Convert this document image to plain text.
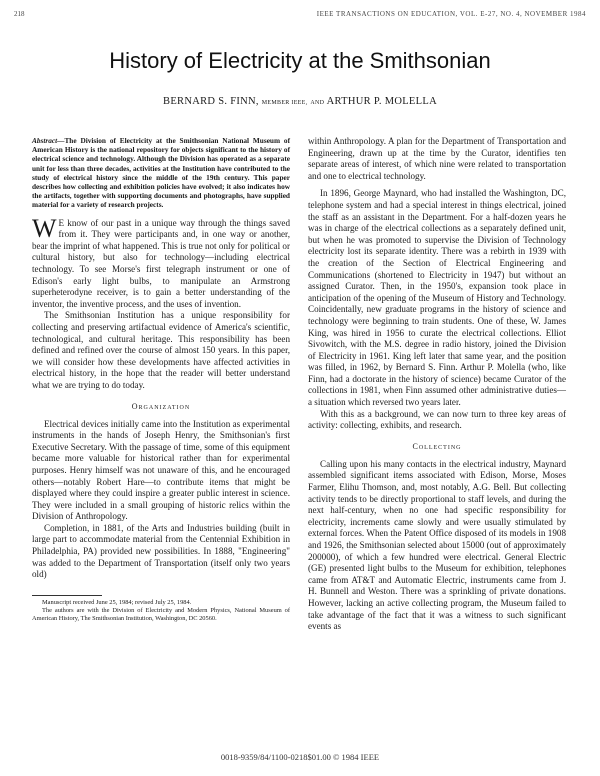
218	IEEE TRANSACTIONS ON EDUCATION, VOL. E-27, NO. 4, NOVEMBER 1984
History of Electricity at the Smithsonian
BERNARD S. FINN, MEMBER IEEE, AND ARTHUR P. MOLELLA
Abstract—The Division of Electricity at the Smithsonian National Museum of American History is the national repository for objects significant to the history of electrical science and technology. Although the Division has operated as a separate unit for less than three decades, activities at the Institution have contributed to the study of electrical history since the middle of the 19th century. This paper describes how collecting and exhibition policies have evolved; it also indicates how the artifacts, together with supporting documents and photographs, have supplied material for a variety of research projects.

WE know of our past in a unique way through the things saved from it. They were participants and, in one way or another, bear the imprint of what happened. This is true not only for political or cultural history, but also for technology—including electrical technology. To see Morse's first telegraph instrument or one of Edison's early light bulbs, to manipulate an Armstrong superheterodyne receiver, is to gain a better understanding of the inventor, the inventive process, and the uses of invention.

The Smithsonian Institution has a unique responsibility for collecting and preserving artifactual evidence of America's scientific, technological, and cultural heritage. This responsibility has been defined and refined over the course of almost 150 years. In this paper, we will consider how these developments have affected activities in electrical history, in the hope that the reader will better understand what we are trying to do today.

Organization

Electrical devices initially came into the Institution as experimental instruments in the hands of Joseph Henry, the Smithsonian's first Executive Secretary. With the passage of time, some of this equipment became more valuable for historical rather than for experimental purposes. Henry himself was not unaware of this, and he encouraged others—notably Robert Hare—to contribute items that might be displayed where they could inspire a greater public interest in science. They were included in a small grouping of historic relics within the Division of Anthropology.

Completion, in 1881, of the Arts and Industries building (built in large part to accommodate material from the Centennial Exhibition in Philadelphia, PA) provided new possibilities. In 1888, "Engineering" was added to the Department of Transportation (itself only two years old)

Manuscript received June 25, 1984; revised July 25, 1984.
The authors are with the Division of Electricity and Modern Physics, National Museum of American History, The Smithsonian Institution, Washington, DC 20560.

within Anthropology. A plan for the Department of Transportation and Engineering, drawn up at the time by the Curator, identifies ten separate areas of interest, of which nine were related to transportation and one to electrical technology.

In 1896, George Maynard, who had installed the Washington, DC, telephone system and had a special interest in things electrical, joined the staff as an assistant in the Department. For a half-dozen years he was in charge of the electrical collections as a separately defined unit, but when he was promoted to supervise the Division of Technology electricity lost its separate identity. There was a rebirth in 1939 with the creation of the Section of Electrical Engineering and Communications (shortened to Electricity in 1947) but without an assigned Curator. Then, in the 1950's, expansion took place in anticipation of the opening of the Museum of History and Technology. Coincidentally, new graduate programs in the history of science and technology were beginning to train students. One of these, W. James King, was hired in 1956 to curate the electrical collections. Elliot Sivowitch, with the M.S. degree in radio history, joined the Division of Electricity in 1961. King left later that same year, and the position was filled, in 1962, by Bernard S. Finn. Arthur P. Molella (who, like Finn, had a doctorate in the history of science) became Curator of the collections in 1981, when Finn assumed other administrative duties—a situation which reversed two years later.

With this as a background, we can now turn to three key areas of activity: collecting, exhibits, and research.

Collecting

Calling upon his many contacts in the electrical industry, Maynard assembled significant items associated with Edison, Morse, Moses Farmer, Elihu Thomson, and, most notably, A.G. Bell. But collecting activity tends to be directly proportional to staff levels, and during the next half-century, when no one had specific responsibility for electricity, increments came slowly and were usually stimulated by external forces. When the Patent Office disposed of its models in 1908 and 1926, the Smithsonian selected about 15000 (out of approximately 200000), of which a few hundred were electrical. General Electric (GE) presented light bulbs to the Museum for exhibition, telephones came from AT&T and Automatic Electric, instruments came from J. H. Bunnell and Weston. There was a sprinkling of private donations. However, lacking an active collecting program, the Museum failed to take advantage of the fact that it was a witness to such significant events as

0018-9359/84/1100-0218$01.00 © 1984 IEEE
